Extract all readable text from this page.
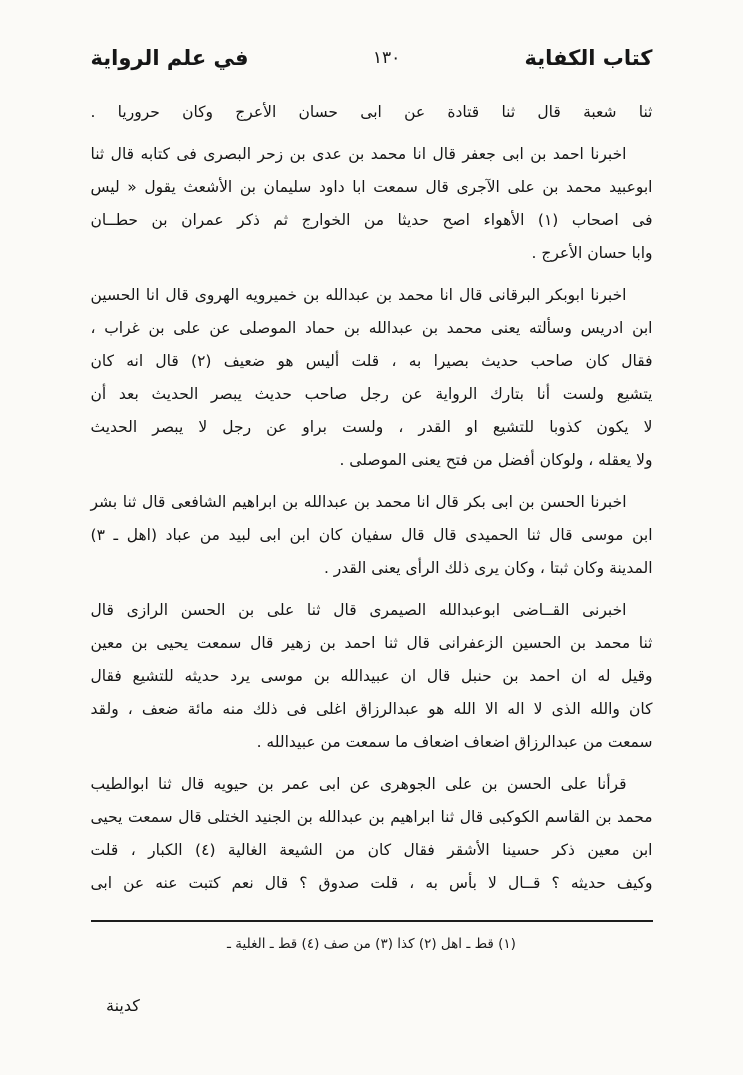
كتاب الكفاية
١٣٠
في علم الرواية
ثنا شعبة قال ثنا قتادة عن ابى حسان الأعرج وكان حروريا .
اخبرنا احمد بن ابى جعفر قال انا محمد بن عدى بن زحر البصرى فى كتابه قال ثنا
ابوعبيد محمد بن على الآجرى قال سمعت ابا داود سليمان بن الأشعث يقول « ليس
فى اصحاب (١) الأهواء اصح حديثا من الخوارج ثم ذكر عمران بن حطــان
وابا حسان الأعرج .
اخبرنا ابوبكر البرقانى قال انا محمد بن عبدالله بن خميرويه الهروى قال انا الحسين
ابن ادريس وسألته يعنى محمد بن عبدالله بن حماد الموصلى عن على بن غراب ،
فقال كان صاحب حديث بصيرا به ، قلت أليس هو ضعيف (٢) قال انه كان
يتشيع ولست أنا بتارك الرواية عن رجل صاحب حديث يبصر الحديث بعد أن
لا يكون كذوبا للتشيع او القدر ، ولست براو عن رجل لا يبصر الحديث
ولا يعقله ، ولوكان أفضل من فتح يعنى الموصلى .
اخبرنا الحسن بن ابى بكر قال انا محمد بن عبدالله بن ابراهيم الشافعى قال ثنا بشر
ابن موسى قال ثنا الحميدى قال قال سفيان كان ابن ابى لبيد من عباد (اهل ـ ٣)
المدينة وكان ثبتا ، وكان يرى ذلك الرأى يعنى القدر .
اخبرنى القــاضى ابوعبدالله الصيمرى قال ثنا على بن الحسن الرازى قال
ثنا محمد بن الحسين الزعفرانى قال ثنا احمد بن زهير قال سمعت يحيى بن معين
وقيل له ان احمد بن حنبل قال ان عبيدالله بن موسى يرد حديثه للتشيع فقال
كان والله الذى لا اله الا الله هو عبدالرزاق اغلى فى ذلك منه مائة ضعف ، ولقد
سمعت من عبدالرزاق اضعاف اضعاف ما سمعت من عبيدالله .
قرأنا على الحسن بن على الجوهرى عن ابى عمر بن حيويه قال ثنا ابوالطيب
محمد بن القاسم الكوكبى قال ثنا ابراهيم بن عبدالله بن الجنيد الختلى قال سمعت يحيى
ابن معين ذكر حسينا الأشقر فقال كان من الشيعة الغالية (٤) الكبار ، قلت
وكيف حديثه ؟ قــال لا بأس به ، قلت صدوق ؟ قال نعم كتبت عنه عن ابى
(١) قط ـ اهل (٢) كذا (٣) من صف (٤) قط ـ الغلية ـ
كدينة
